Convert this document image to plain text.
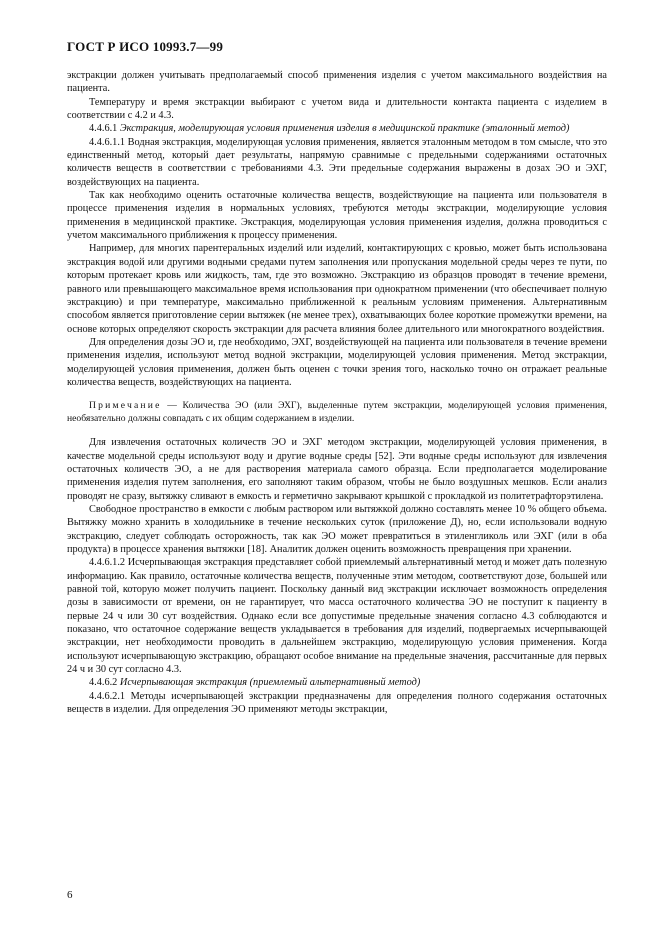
ГОСТ Р ИСО 10993.7—99

экстракции должен учитывать предполагаемый способ применения изделия с учетом максимального воздействия на пациента.

Температуру и время экстракции выбирают с учетом вида и длительности контакта пациента с изделием в соответствии с 4.2 и 4.3.

4.4.6.1 Экстракция, моделирующая условия применения изделия в медицинской практике (эталонный метод)

4.4.6.1.1 Водная экстракция, моделирующая условия применения, является эталонным методом в том смысле, что это единственный метод, который дает результаты, напрямую сравнимые с предельными содержаниями остаточных количеств веществ в соответствии с требованиями 4.3. Эти предельные содержания выражены в дозах ЭО и ЭХГ, воздействующих на пациента.

Так как необходимо оценить остаточные количества веществ, воздействующие на пациента или пользователя в процессе применения изделия в нормальных условиях, требуются методы экстракции, моделирующие условия применения в медицинской практике. Экстракция, моделирующая условия применения изделия, должна проводиться с учетом максимального приближения к процессу применения.

Например, для многих парентеральных изделий или изделий, контактирующих с кровью, может быть использована экстракция водой или другими водными средами путем заполнения или пропускания модельной среды через те пути, по которым протекает кровь или жидкость, там, где это возможно. Экстракцию из образцов проводят в течение времени, равного или превышающего максимальное время использования при однократном применении (что обеспечивает полную экстракцию) и при температуре, максимально приближенной к реальным условиям применения. Альтернативным способом является приготовление серии вытяжек (не менее трех), охватывающих более короткие промежутки времени, на основе которых определяют скорость экстракции для расчета влияния более длительного или многократного воздействия.

Для определения дозы ЭО и, где необходимо, ЭХГ, воздействующей на пациента или пользователя в течение времени применения изделия, используют метод водной экстракции, моделирующей условия применения. Метод экстракции, моделирующей условия применения, должен быть оценен с точки зрения того, насколько точно он отражает реальные количества веществ, воздействующих на пациента.

Примечание — Количества ЭО (или ЭХГ), выделенные путем экстракции, моделирующей условия применения, необязательно должны совпадать с их общим содержанием в изделии.

Для извлечения остаточных количеств ЭО и ЭХГ методом экстракции, моделирующей условия применения, в качестве модельной среды используют воду и другие водные среды [52]. Эти водные среды используют для извлечения остаточных количеств ЭО, а не для растворения материала самого образца. Если предполагается моделирование применения изделия путем заполнения, его заполняют таким образом, чтобы не было воздушных мешков. Если анализ проводят не сразу, вытяжку сливают в емкость и герметично закрывают крышкой с прокладкой из политетрафторэтилена.

Свободное пространство в емкости с любым раствором или вытяжкой должно составлять менее 10 % общего объема. Вытяжку можно хранить в холодильнике в течение нескольких суток (приложение Д), но, если использовали водную экстракцию, следует соблюдать осторожность, так как ЭО может превратиться в этиленгликоль или ЭХГ (или в оба продукта) в процессе хранения вытяжки [18]. Аналитик должен оценить возможность превращения при хранении.

4.4.6.1.2 Исчерпывающая экстракция представляет собой приемлемый альтернативный метод и может дать полезную информацию. Как правило, остаточные количества веществ, полученные этим методом, соответствуют дозе, большей или равной той, которую может получить пациент. Поскольку данный вид экстракции исключает возможность определения дозы в зависимости от времени, он не гарантирует, что масса остаточного количества ЭО не поступит к пациенту в первые 24 ч или 30 сут воздействия. Однако если все допустимые предельные значения согласно 4.3 соблюдаются и показано, что остаточное содержание веществ укладывается в требования для изделий, подвергаемых исчерпывающей экстракции, нет необходимости проводить в дальнейшем экстракцию, моделирующую условия применения. Когда используют исчерпывающую экстракцию, обращают особое внимание на предельные значения, рассчитанные для первых 24 ч и 30 сут согласно 4.3.

4.4.6.2 Исчерпывающая экстракция (приемлемый альтернативный метод)

4.4.6.2.1 Методы исчерпывающей экстракции предназначены для определения полного содержания остаточных веществ в изделии. Для определения ЭО применяют методы экстракции,

6
